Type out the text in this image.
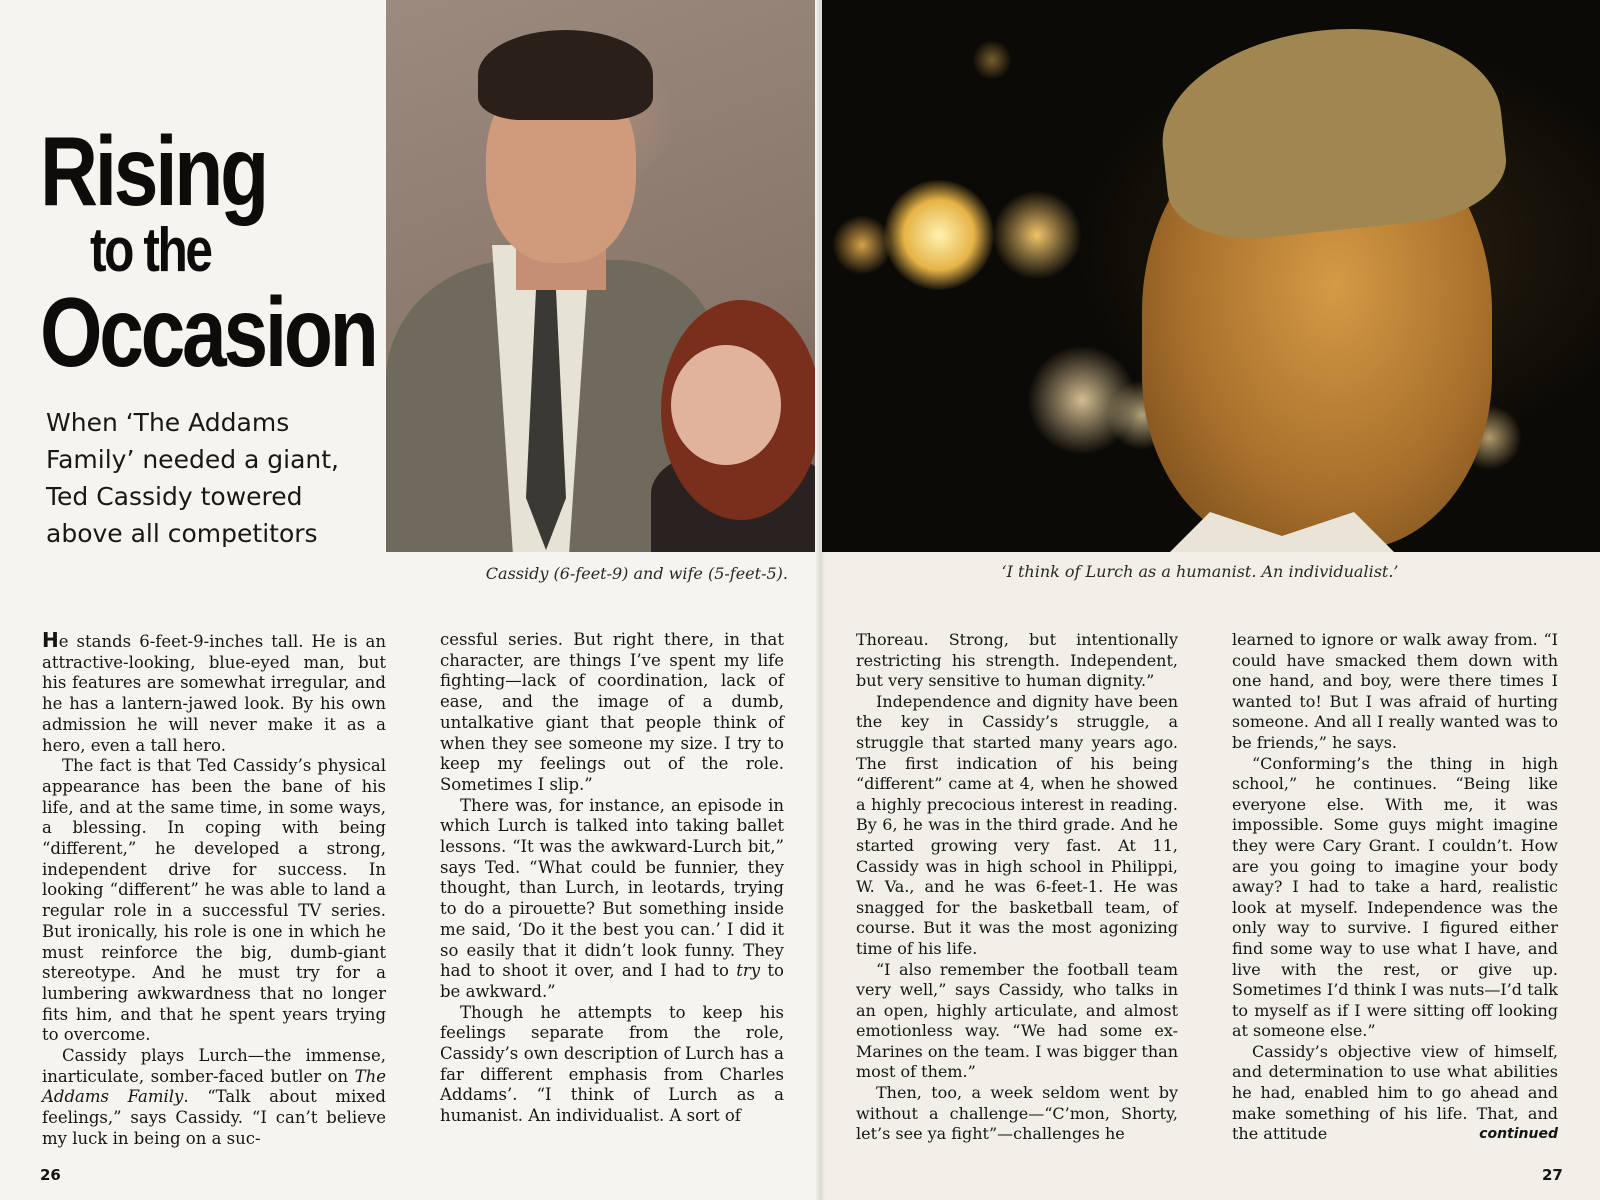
Rising
to the
Occasion
When ‘The Addams Family’ needed a giant, Ted Cassidy towered above all competitors
Cassidy (6-feet-9) and wife (5-feet-5).	‘I think of Lurch as a humanist. An individualist.’

He stands 6-feet-9-inches tall. He is an attractive-looking, blue-eyed man, but his features are somewhat irregular, and he has a lantern-jawed look. By his own admission he will never make it as a hero, even a tall hero.

The fact is that Ted Cassidy’s physical appearance has been the bane of his life, and at the same time, in some ways, a blessing. In coping with being “different,” he developed a strong, independent drive for success. In looking “different” he was able to land a regular role in a successful TV series. But ironically, his role is one in which he must reinforce the big, dumb-giant stereotype. And he must try for a lumbering awkwardness that no longer fits him, and that he spent years trying to overcome.

Cassidy plays Lurch—the immense, inarticulate, somber-faced butler on The Addams Family. “Talk about mixed feelings,” says Cassidy. “I can’t believe my luck in being on a suc-

cessful series. But right there, in that character, are things I’ve spent my life fighting—lack of coordination, lack of ease, and the image of a dumb, untalkative giant that people think of when they see someone my size. I try to keep my feelings out of the role. Sometimes I slip.”

There was, for instance, an episode in which Lurch is talked into taking ballet lessons. “It was the awkward-Lurch bit,” says Ted. “What could be funnier, they thought, than Lurch, in leotards, trying to do a pirouette? But something inside me said, ‘Do it the best you can.’ I did it so easily that it didn’t look funny. They had to shoot it over, and I had to try to be awkward.”

Though he attempts to keep his feelings separate from the role, Cassidy’s own description of Lurch has a far different emphasis from Charles Addams’. “I think of Lurch as a humanist. An individualist. A sort of

Thoreau. Strong, but intentionally restricting his strength. Independent, but very sensitive to human dignity.”

Independence and dignity have been the key in Cassidy’s struggle, a struggle that started many years ago. The first indication of his being “different” came at 4, when he showed a highly precocious interest in reading. By 6, he was in the third grade. And he started growing very fast. At 11, Cassidy was in high school in Philippi, W. Va., and he was 6-feet-1. He was snagged for the basketball team, of course. But it was the most agonizing time of his life.

“I also remember the football team very well,” says Cassidy, who talks in an open, highly articulate, and almost emotionless way. “We had some ex-Marines on the team. I was bigger than most of them.”

Then, too, a week seldom went by without a challenge—“C’mon, Shorty, let’s see ya fight”—challenges he

learned to ignore or walk away from. “I could have smacked them down with one hand, and boy, were there times I wanted to! But I was afraid of hurting someone. And all I really wanted was to be friends,” he says.

“Conforming’s the thing in high school,” he continues. “Being like everyone else. With me, it was impossible. Some guys might imagine they were Cary Grant. I couldn’t. How are you going to imagine your body away? I had to take a hard, realistic look at myself. Independence was the only way to survive. I figured either find some way to use what I have, and live with the rest, or give up. Sometimes I’d think I was nuts—I’d talk to myself as if I were sitting off looking at someone else.”

Cassidy’s objective view of himself, and determination to use what abilities he had, enabled him to go ahead and make something of his life. That, and the attitude	continued

26	27
